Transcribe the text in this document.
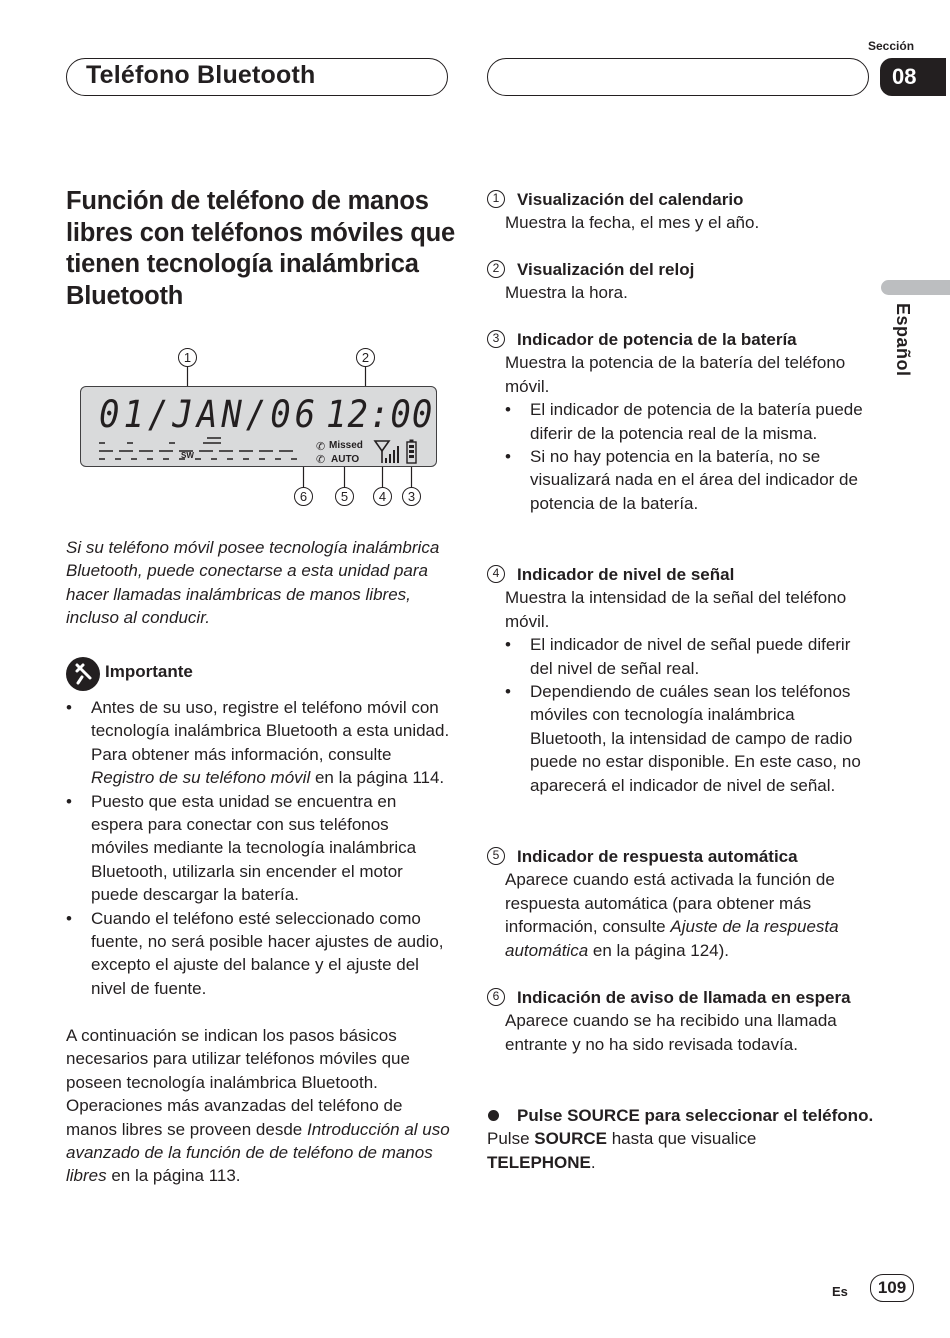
Teléfono Bluetooth
Sección
08
Español
Función de teléfono de manos libres con teléfonos móviles que tienen tecnología inalámbrica Bluetooth
1	2
01/JAN/06 12:00
SW
✆ Missed
✆ AUTO
6	5	4	3
Si su teléfono móvil posee tecnología inalámbrica Bluetooth, puede conectarse a esta unidad para hacer llamadas inalámbricas de manos libres, incluso al conducir.
Importante
• Antes de su uso, registre el teléfono móvil con tecnología inalámbrica Bluetooth a esta unidad. Para obtener más información, consulte Registro de su teléfono móvil en la página 114.
• Puesto que esta unidad se encuentra en espera para conectar con sus teléfonos móviles mediante la tecnología inalámbrica Bluetooth, utilizarla sin encender el motor puede descargar la batería.
• Cuando el teléfono esté seleccionado como fuente, no será posible hacer ajustes de audio, excepto el ajuste del balance y el ajuste del nivel de fuente.
A continuación se indican los pasos básicos necesarios para utilizar teléfonos móviles que poseen tecnología inalámbrica Bluetooth. Operaciones más avanzadas del teléfono de manos libres se proveen desde Introducción al uso avanzado de la función de de teléfono de manos libres en la página 113.
1	Visualización del calendario
Muestra la fecha, el mes y el año.
2	Visualización del reloj
Muestra la hora.
3	Indicador de potencia de la batería
Muestra la potencia de la batería del teléfono móvil.
• El indicador de potencia de la batería puede diferir de la potencia real de la misma.
• Si no hay potencia en la batería, no se visualizará nada en el área del indicador de potencia de la batería.
4	Indicador de nivel de señal
Muestra la intensidad de la señal del teléfono móvil.
• El indicador de nivel de señal puede diferir del nivel de señal real.
• Dependiendo de cuáles sean los teléfonos móviles con tecnología inalámbrica Bluetooth, la intensidad de campo de radio puede no estar disponible. En este caso, no aparecerá el indicador de nivel de señal.
5	Indicador de respuesta automática
Aparece cuando está activada la función de respuesta automática (para obtener más información, consulte Ajuste de la respuesta automática en la página 124).
6	Indicación de aviso de llamada en espera
Aparece cuando se ha recibido una llamada entrante y no ha sido revisada todavía.
Pulse SOURCE para seleccionar el teléfono.
Pulse SOURCE hasta que visualice
TELEPHONE.
Es	109
